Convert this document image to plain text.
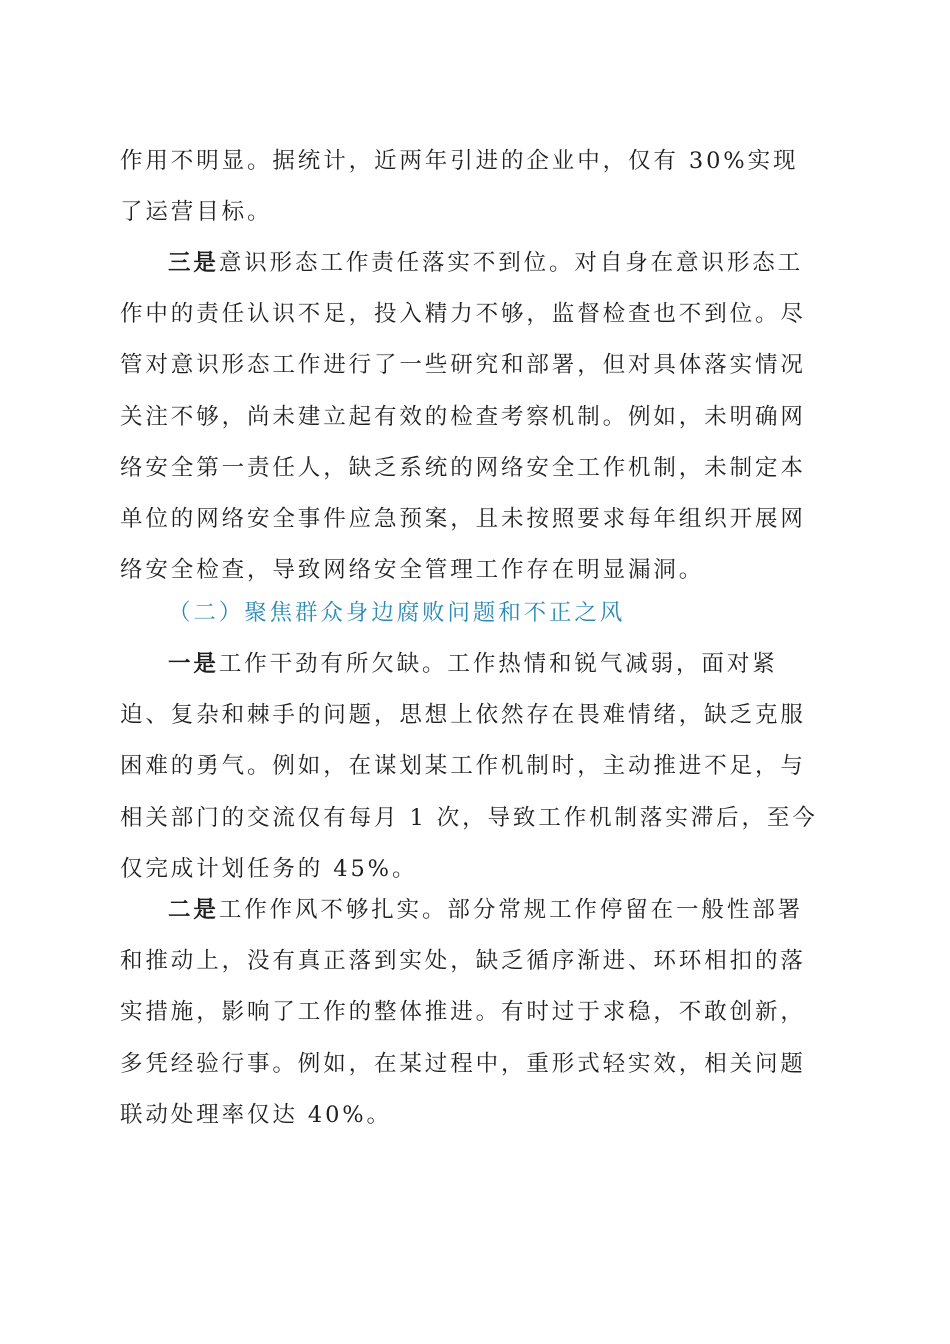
作用不明显。据统计，近两年引进的企业中，仅有 30%实现了运营目标。

三是意识形态工作责任落实不到位。对自身在意识形态工作中的责任认识不足，投入精力不够，监督检查也不到位。尽管对意识形态工作进行了一些研究和部署，但对具体落实情况关注不够，尚未建立起有效的检查考察机制。例如，未明确网络安全第一责任人，缺乏系统的网络安全工作机制，未制定本单位的网络安全事件应急预案，且未按照要求每年组织开展网络安全检查，导致网络安全管理工作存在明显漏洞。

（二）聚焦群众身边腐败问题和不正之风

一是工作干劲有所欠缺。工作热情和锐气减弱，面对紧迫、复杂和棘手的问题，思想上依然存在畏难情绪，缺乏克服困难的勇气。例如，在谋划某工作机制时，主动推进不足，与相关部门的交流仅有每月 1 次，导致工作机制落实滞后，至今仅完成计划任务的 45%。

二是工作作风不够扎实。部分常规工作停留在一般性部署和推动上，没有真正落到实处，缺乏循序渐进、环环相扣的落实措施，影响了工作的整体推进。有时过于求稳，不敢创新，多凭经验行事。例如，在某过程中，重形式轻实效，相关问题联动处理率仅达 40%。
